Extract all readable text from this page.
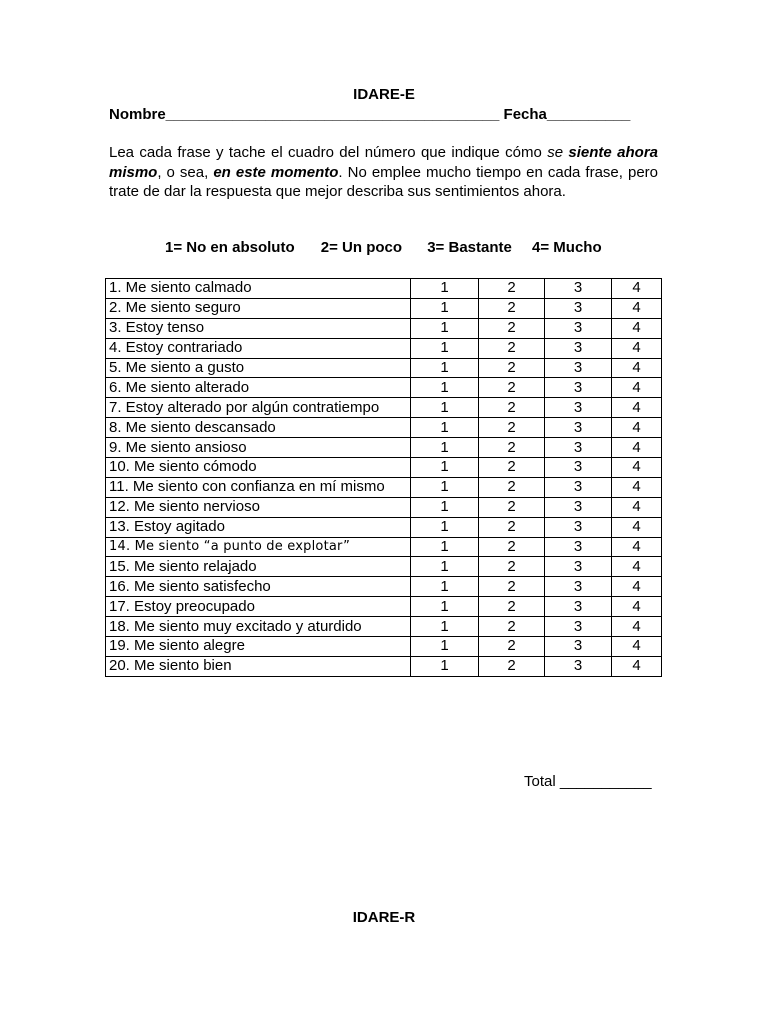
IDARE-E
Nombre________________________________________ Fecha__________
Lea cada frase y tache el cuadro del número que indique cómo se siente ahora mismo, o sea, en este momento. No emplee mucho tiempo en cada frase, pero trate de dar la respuesta que mejor describa sus sentimientos ahora.
1= No en absoluto 2= Un poco 3= Bastante 4= Mucho
1. Me siento calmado	1	2	3	4
2. Me siento seguro	1	2	3	4
3. Estoy tenso	1	2	3	4
4. Estoy contrariado	1	2	3	4
5. Me siento a gusto	1	2	3	4
6. Me siento alterado	1	2	3	4
7. Estoy alterado por algún contratiempo	1	2	3	4
8. Me siento descansado	1	2	3	4
9. Me siento ansioso	1	2	3	4
10. Me siento cómodo	1	2	3	4
11. Me siento con confianza en mí mismo	1	2	3	4
12. Me siento nervioso	1	2	3	4
13. Estoy agitado	1	2	3	4
14. Me siento “a punto de explotar”	1	2	3	4
15. Me siento relajado	1	2	3	4
16. Me siento satisfecho	1	2	3	4
17. Estoy preocupado	1	2	3	4
18. Me siento muy excitado y aturdido	1	2	3	4
19. Me siento alegre	1	2	3	4
20. Me siento bien	1	2	3	4
Total ___________
IDARE-R
